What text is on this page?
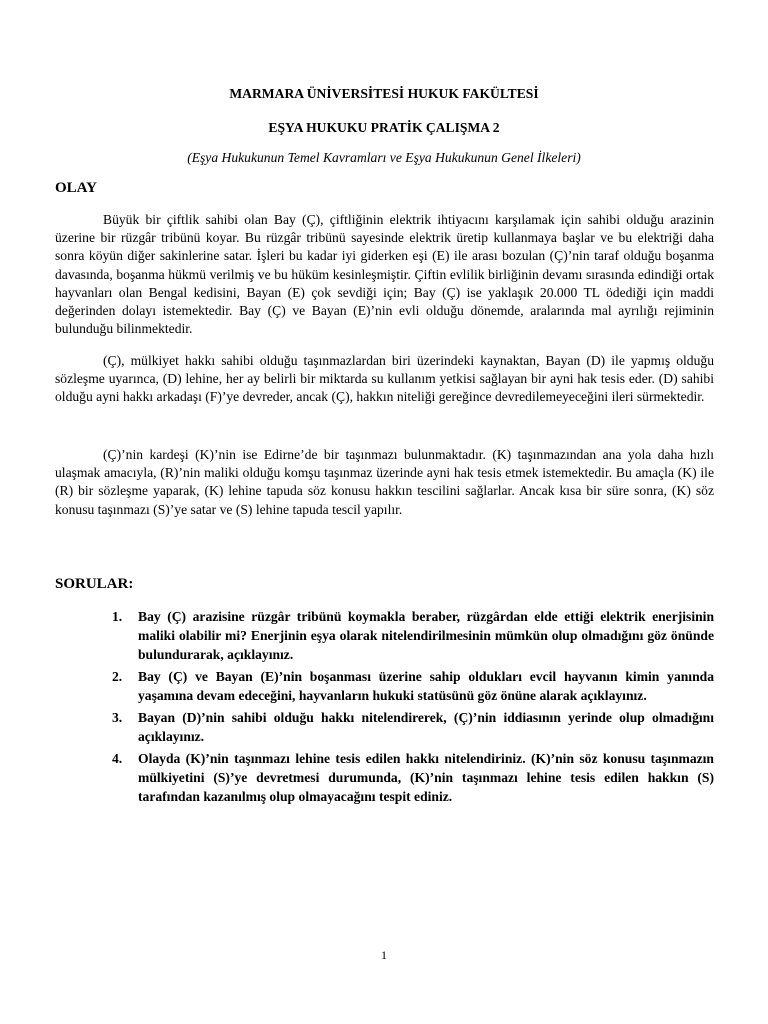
MARMARA ÜNİVERSİTESİ HUKUK FAKÜLTESİ

EŞYA HUKUKU PRATİK ÇALIŞMA 2

(Eşya Hukukunun Temel Kavramları ve Eşya Hukukunun Genel İlkeleri)

OLAY

Büyük bir çiftlik sahibi olan Bay (Ç), çiftliğinin elektrik ihtiyacını karşılamak için sahibi olduğu arazinin üzerine bir rüzgâr tribünü koyar. Bu rüzgâr tribünü sayesinde elektrik üretip kullanmaya başlar ve bu elektriği daha sonra köyün diğer sakinlerine satar. İşleri bu kadar iyi giderken eşi (E) ile arası bozulan (Ç)’nin taraf olduğu boşanma davasında, boşanma hükmü verilmiş ve bu hüküm kesinleşmiştir. Çiftin evlilik birliğinin devamı sırasında edindiği ortak hayvanları olan Bengal kedisini, Bayan (E) çok sevdiği için; Bay (Ç) ise yaklaşık 20.000 TL ödediği için maddi değerinden dolayı istemektedir. Bay (Ç) ve Bayan (E)’nin evli olduğu dönemde, aralarında mal ayrılığı rejiminin bulunduğu bilinmektedir.

(Ç), mülkiyet hakkı sahibi olduğu taşınmazlardan biri üzerindeki kaynaktan, Bayan (D) ile yapmış olduğu sözleşme uyarınca, (D) lehine, her ay belirli bir miktarda su kullanım yetkisi sağlayan bir ayni hak tesis eder. (D) sahibi olduğu ayni hakkı arkadaşı (F)’ye devreder, ancak (Ç), hakkın niteliği gereğince devredilemeyeceğini ileri sürmektedir.

(Ç)’nin kardeşi (K)’nin ise Edirne’de bir taşınmazı bulunmaktadır. (K) taşınmazından ana yola daha hızlı ulaşmak amacıyla, (R)’nin maliki olduğu komşu taşınmaz üzerinde ayni hak tesis etmek istemektedir. Bu amaçla (K) ile (R) bir sözleşme yaparak, (K) lehine tapuda söz konusu hakkın tescilini sağlarlar. Ancak kısa bir süre sonra, (K) söz konusu taşınmazı (S)’ye satar ve (S) lehine tapuda tescil yapılır.

SORULAR:

1. Bay (Ç) arazisine rüzgâr tribünü koymakla beraber, rüzgârdan elde ettiği elektrik enerjisinin maliki olabilir mi? Enerjinin eşya olarak nitelendirilmesinin mümkün olup olmadığını göz önünde bulundurarak, açıklayınız.
2. Bay (Ç) ve Bayan (E)’nin boşanması üzerine sahip oldukları evcil hayvanın kimin yanında yaşamına devam edeceğini, hayvanların hukuki statüsünü göz önüne alarak açıklayınız.
3. Bayan (D)’nin sahibi olduğu hakkı nitelendirerek, (Ç)’nin iddiasının yerinde olup olmadığını açıklayınız.
4. Olayda (K)’nin taşınmazı lehine tesis edilen hakkı nitelendiriniz. (K)’nin söz konusu taşınmazın mülkiyetini (S)’ye devretmesi durumunda, (K)’nin taşınmazı lehine tesis edilen hakkın (S) tarafından kazanılmış olup olmayacağını tespit ediniz.

1
